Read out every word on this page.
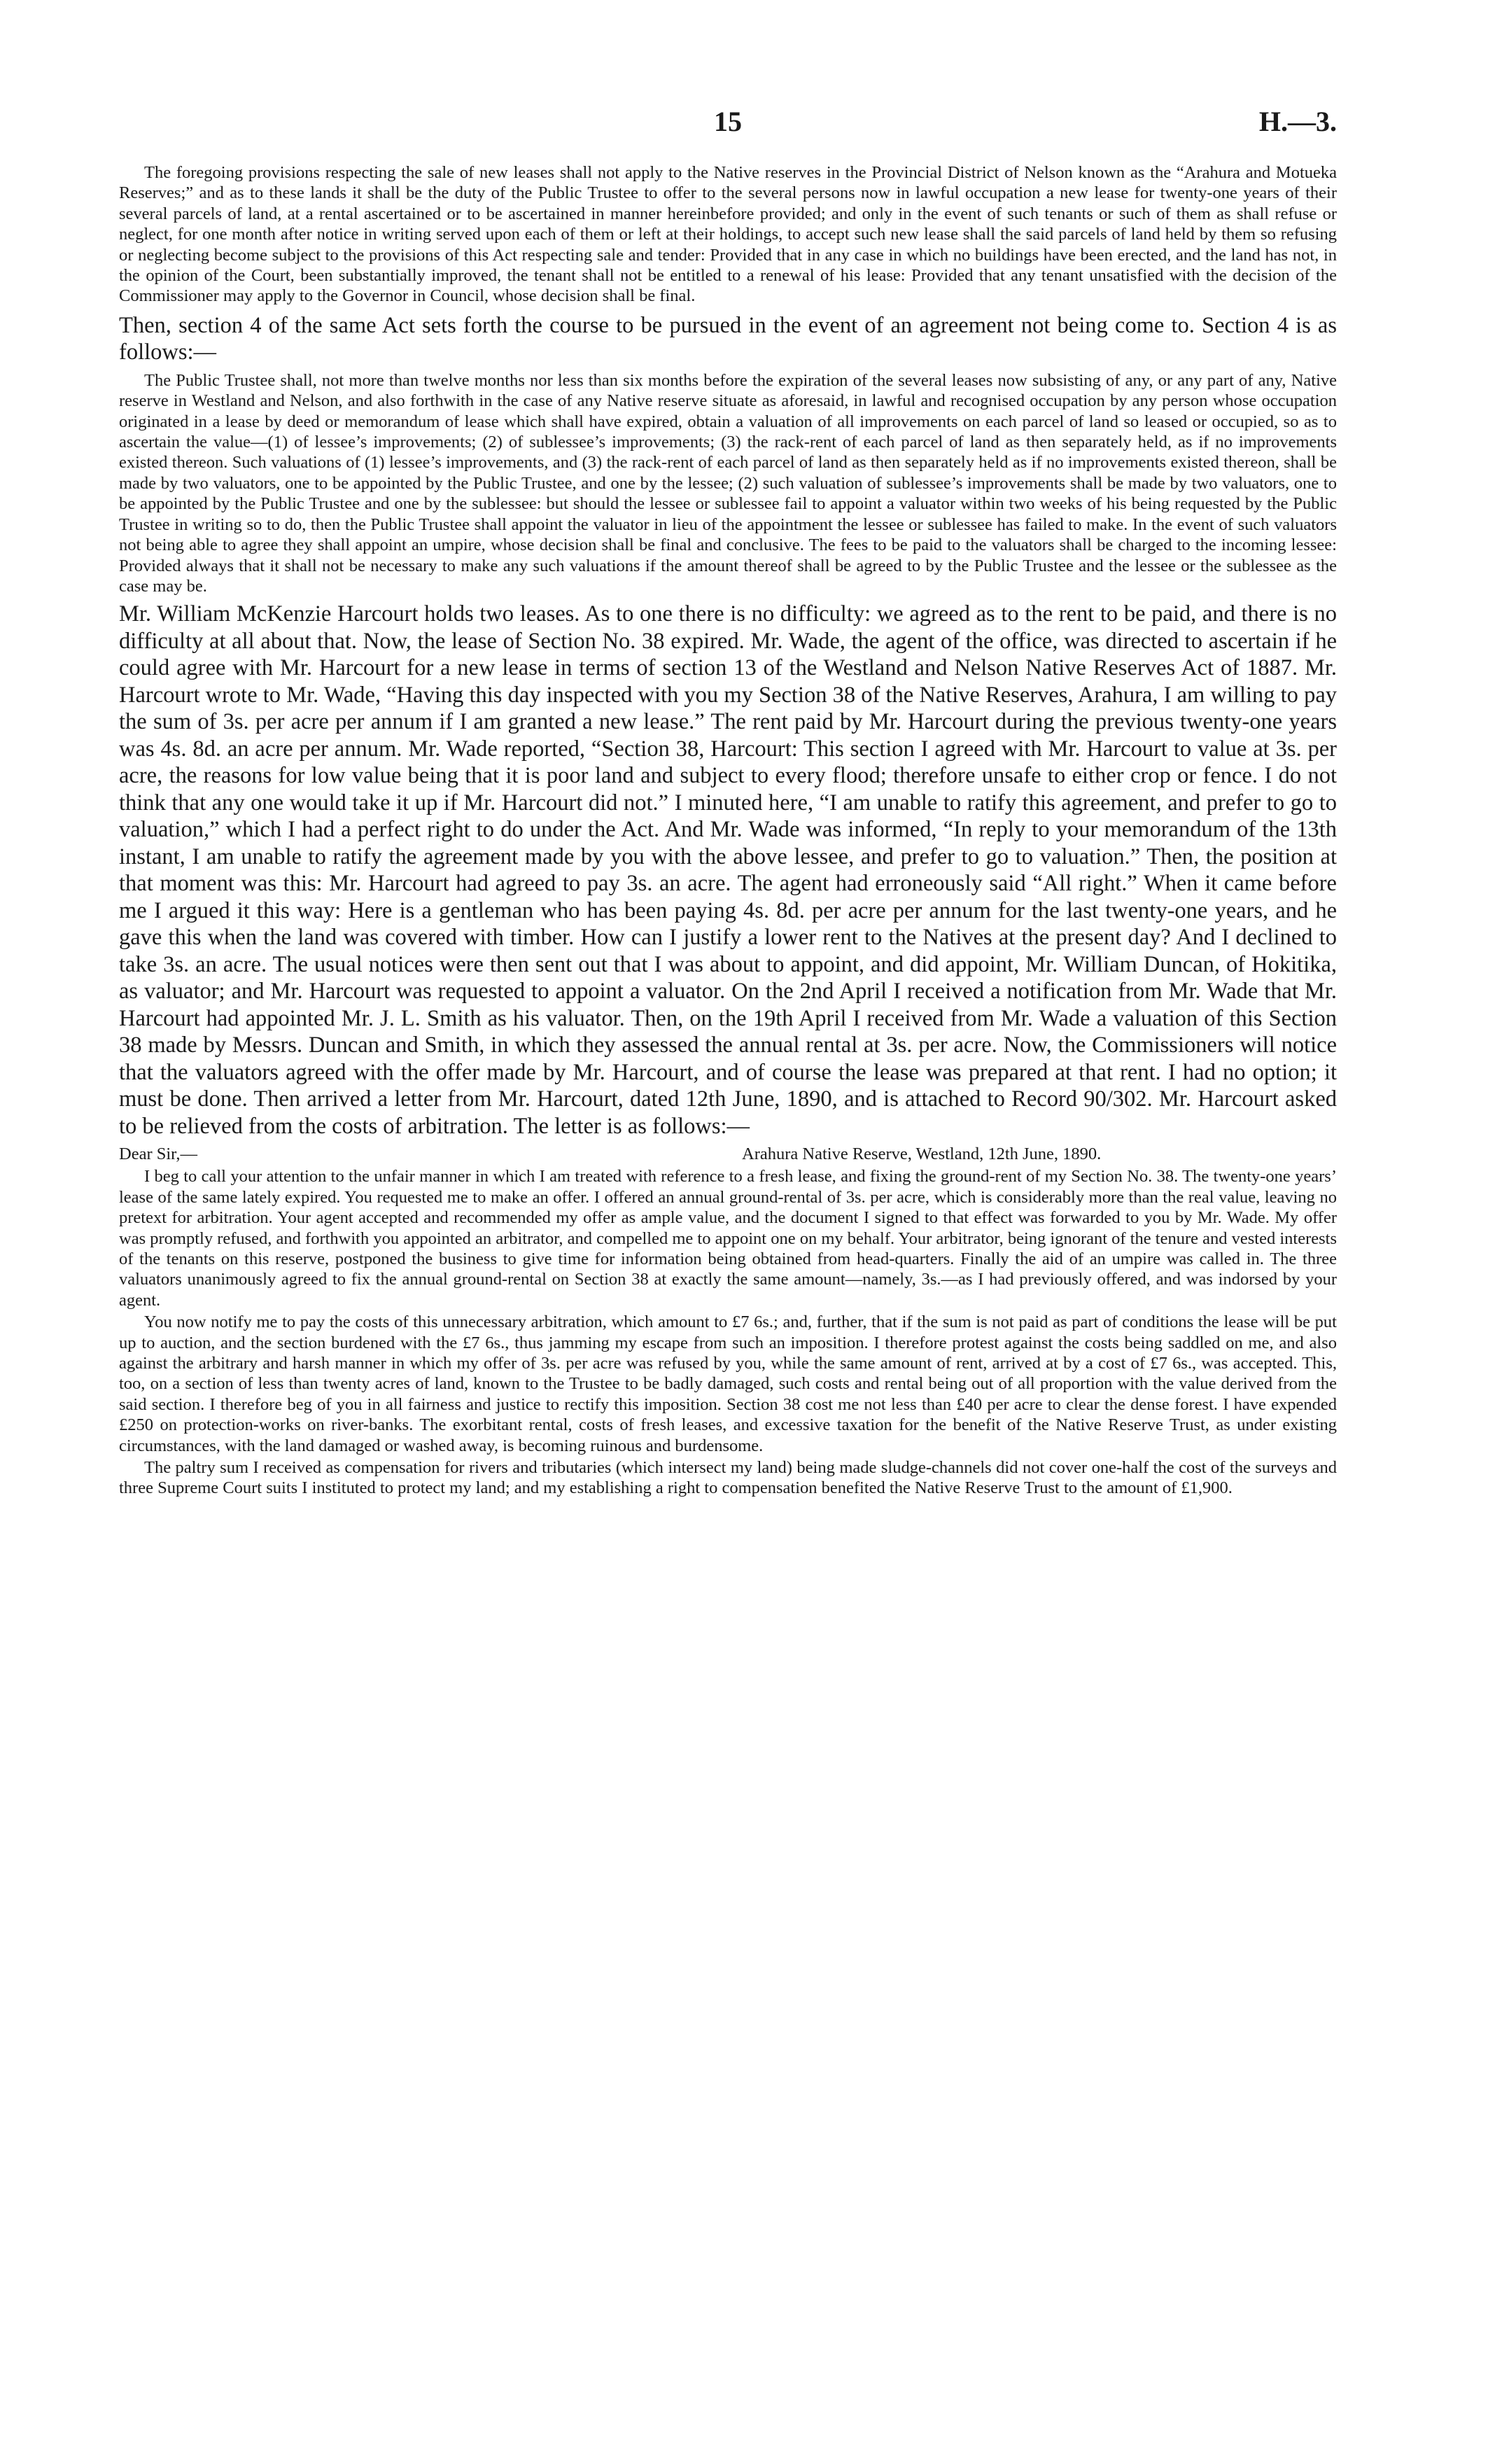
15	H.—3.

The foregoing provisions respecting the sale of new leases shall not apply to the Native reserves in the Provincial District of Nelson known as the “Arahura and Motueka Reserves;” and as to these lands it shall be the duty of the Public Trustee to offer to the several persons now in lawful occupation a new lease for twenty-one years of their several parcels of land, at a rental ascertained or to be ascertained in manner hereinbefore provided; and only in the event of such tenants or such of them as shall refuse or neglect, for one month after notice in writing served upon each of them or left at their holdings, to accept such new lease shall the said parcels of land held by them so refusing or neglecting become subject to the provisions of this Act respecting sale and tender: Provided that in any case in which no buildings have been erected, and the land has not, in the opinion of the Court, been substantially improved, the tenant shall not be entitled to a renewal of his lease: Provided that any tenant unsatisfied with the decision of the Commissioner may apply to the Governor in Council, whose decision shall be final.

Then, section 4 of the same Act sets forth the course to be pursued in the event of an agreement not being come to. Section 4 is as follows:—

The Public Trustee shall, not more than twelve months nor less than six months before the expiration of the several leases now subsisting of any, or any part of any, Native reserve in Westland and Nelson, and also forthwith in the case of any Native reserve situate as aforesaid, in lawful and recognised occupation by any person whose occupation originated in a lease by deed or memorandum of lease which shall have expired, obtain a valuation of all improvements on each parcel of land so leased or occupied, so as to ascertain the value—(1) of lessee’s improvements; (2) of sublessee’s improvements; (3) the rack-rent of each parcel of land as then separately held, as if no improvements existed thereon. Such valuations of (1) lessee’s improvements, and (3) the rack-rent of each parcel of land as then separately held as if no improvements existed thereon, shall be made by two valuators, one to be appointed by the Public Trustee, and one by the lessee; (2) such valuation of sublessee’s improvements shall be made by two valuators, one to be appointed by the Public Trustee and one by the sublessee: but should the lessee or sublessee fail to appoint a valuator within two weeks of his being requested by the Public Trustee in writing so to do, then the Public Trustee shall appoint the valuator in lieu of the appointment the lessee or sublessee has failed to make. In the event of such valuators not being able to agree they shall appoint an umpire, whose decision shall be final and conclusive. The fees to be paid to the valuators shall be charged to the incoming lessee: Provided always that it shall not be necessary to make any such valuations if the amount thereof shall be agreed to by the Public Trustee and the lessee or the sublessee as the case may be.

Mr. William McKenzie Harcourt holds two leases. As to one there is no difficulty: we agreed as to the rent to be paid, and there is no difficulty at all about that. Now, the lease of Section No. 38 expired. Mr. Wade, the agent of the office, was directed to ascertain if he could agree with Mr. Harcourt for a new lease in terms of section 13 of the Westland and Nelson Native Reserves Act of 1887. Mr. Harcourt wrote to Mr. Wade, “Having this day inspected with you my Section 38 of the Native Reserves, Arahura, I am willing to pay the sum of 3s. per acre per annum if I am granted a new lease.” The rent paid by Mr. Harcourt during the previous twenty-one years was 4s. 8d. an acre per annum. Mr. Wade reported, “Section 38, Harcourt: This section I agreed with Mr. Harcourt to value at 3s. per acre, the reasons for low value being that it is poor land and subject to every flood; therefore unsafe to either crop or fence. I do not think that any one would take it up if Mr. Harcourt did not.” I minuted here, “I am unable to ratify this agreement, and prefer to go to valuation,” which I had a perfect right to do under the Act. And Mr. Wade was informed, “In reply to your memorandum of the 13th instant, I am unable to ratify the agreement made by you with the above lessee, and prefer to go to valuation.” Then, the position at that moment was this: Mr. Harcourt had agreed to pay 3s. an acre. The agent had erroneously said “All right.” When it came before me I argued it this way: Here is a gentleman who has been paying 4s. 8d. per acre per annum for the last twenty-one years, and he gave this when the land was covered with timber. How can I justify a lower rent to the Natives at the present day? And I declined to take 3s. an acre. The usual notices were then sent out that I was about to appoint, and did appoint, Mr. William Duncan, of Hokitika, as valuator; and Mr. Harcourt was requested to appoint a valuator. On the 2nd April I received a notification from Mr. Wade that Mr. Harcourt had appointed Mr. J. L. Smith as his valuator. Then, on the 19th April I received from Mr. Wade a valuation of this Section 38 made by Messrs. Duncan and Smith, in which they assessed the annual rental at 3s. per acre. Now, the Commissioners will notice that the valuators agreed with the offer made by Mr. Harcourt, and of course the lease was prepared at that rent. I had no option; it must be done. Then arrived a letter from Mr. Harcourt, dated 12th June, 1890, and is attached to Record 90/302. Mr. Harcourt asked to be relieved from the costs of arbitration. The letter is as follows:—

Dear Sir,—	Arahura Native Reserve, Westland, 12th June, 1890.

I beg to call your attention to the unfair manner in which I am treated with reference to a fresh lease, and fixing the ground-rent of my Section No. 38. The twenty-one years’ lease of the same lately expired. You requested me to make an offer. I offered an annual ground-rental of 3s. per acre, which is considerably more than the real value, leaving no pretext for arbitration. Your agent accepted and recommended my offer as ample value, and the document I signed to that effect was forwarded to you by Mr. Wade. My offer was promptly refused, and forthwith you appointed an arbitrator, and compelled me to appoint one on my behalf. Your arbitrator, being ignorant of the tenure and vested interests of the tenants on this reserve, postponed the business to give time for information being obtained from head-quarters. Finally the aid of an umpire was called in. The three valuators unanimously agreed to fix the annual ground-rental on Section 38 at exactly the same amount—namely, 3s.—as I had previously offered, and was indorsed by your agent.

You now notify me to pay the costs of this unnecessary arbitration, which amount to £7 6s.; and, further, that if the sum is not paid as part of conditions the lease will be put up to auction, and the section burdened with the £7 6s., thus jamming my escape from such an imposition. I therefore protest against the costs being saddled on me, and also against the arbitrary and harsh manner in which my offer of 3s. per acre was refused by you, while the same amount of rent, arrived at by a cost of £7 6s., was accepted. This, too, on a section of less than twenty acres of land, known to the Trustee to be badly damaged, such costs and rental being out of all proportion with the value derived from the said section. I therefore beg of you in all fairness and justice to rectify this imposition. Section 38 cost me not less than £40 per acre to clear the dense forest. I have expended £250 on protection-works on river-banks. The exorbitant rental, costs of fresh leases, and excessive taxation for the benefit of the Native Reserve Trust, as under existing circumstances, with the land damaged or washed away, is becoming ruinous and burdensome.

The paltry sum I received as compensation for rivers and tributaries (which intersect my land) being made sludge-channels did not cover one-half the cost of the surveys and three Supreme Court suits I instituted to protect my land; and my establishing a right to compensation benefited the Native Reserve Trust to the amount of £1,900.
